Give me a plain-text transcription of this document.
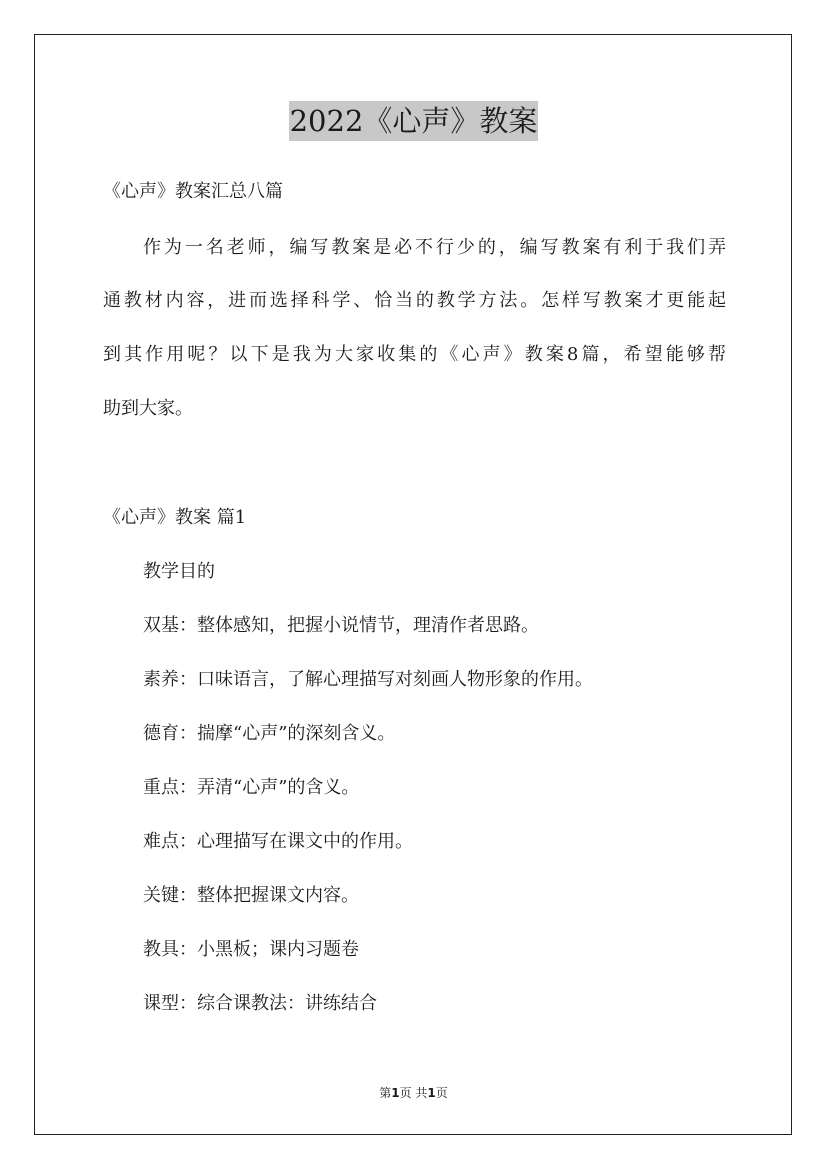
2022《心声》教案
《心声》教案汇总八篇
作为一名老师，编写教案是必不行少的，编写教案有利于我们弄
通教材内容，进而选择科学、恰当的教学方法。怎样写教案才更能起
到其作用呢？以下是我为大家收集的《心声》教案8篇，希望能够帮
助到大家。
《心声》教案 篇1
教学目的
双基：整体感知，把握小说情节，理清作者思路。
素养：口味语言，了解心理描写对刻画人物形象的作用。
德育：揣摩“心声”的深刻含义。
重点：弄清“心声”的含义。
难点：心理描写在课文中的作用。
关键：整体把握课文内容。
教具：小黑板；课内习题卷
课型：综合课教法：讲练结合
第1页 共1页
